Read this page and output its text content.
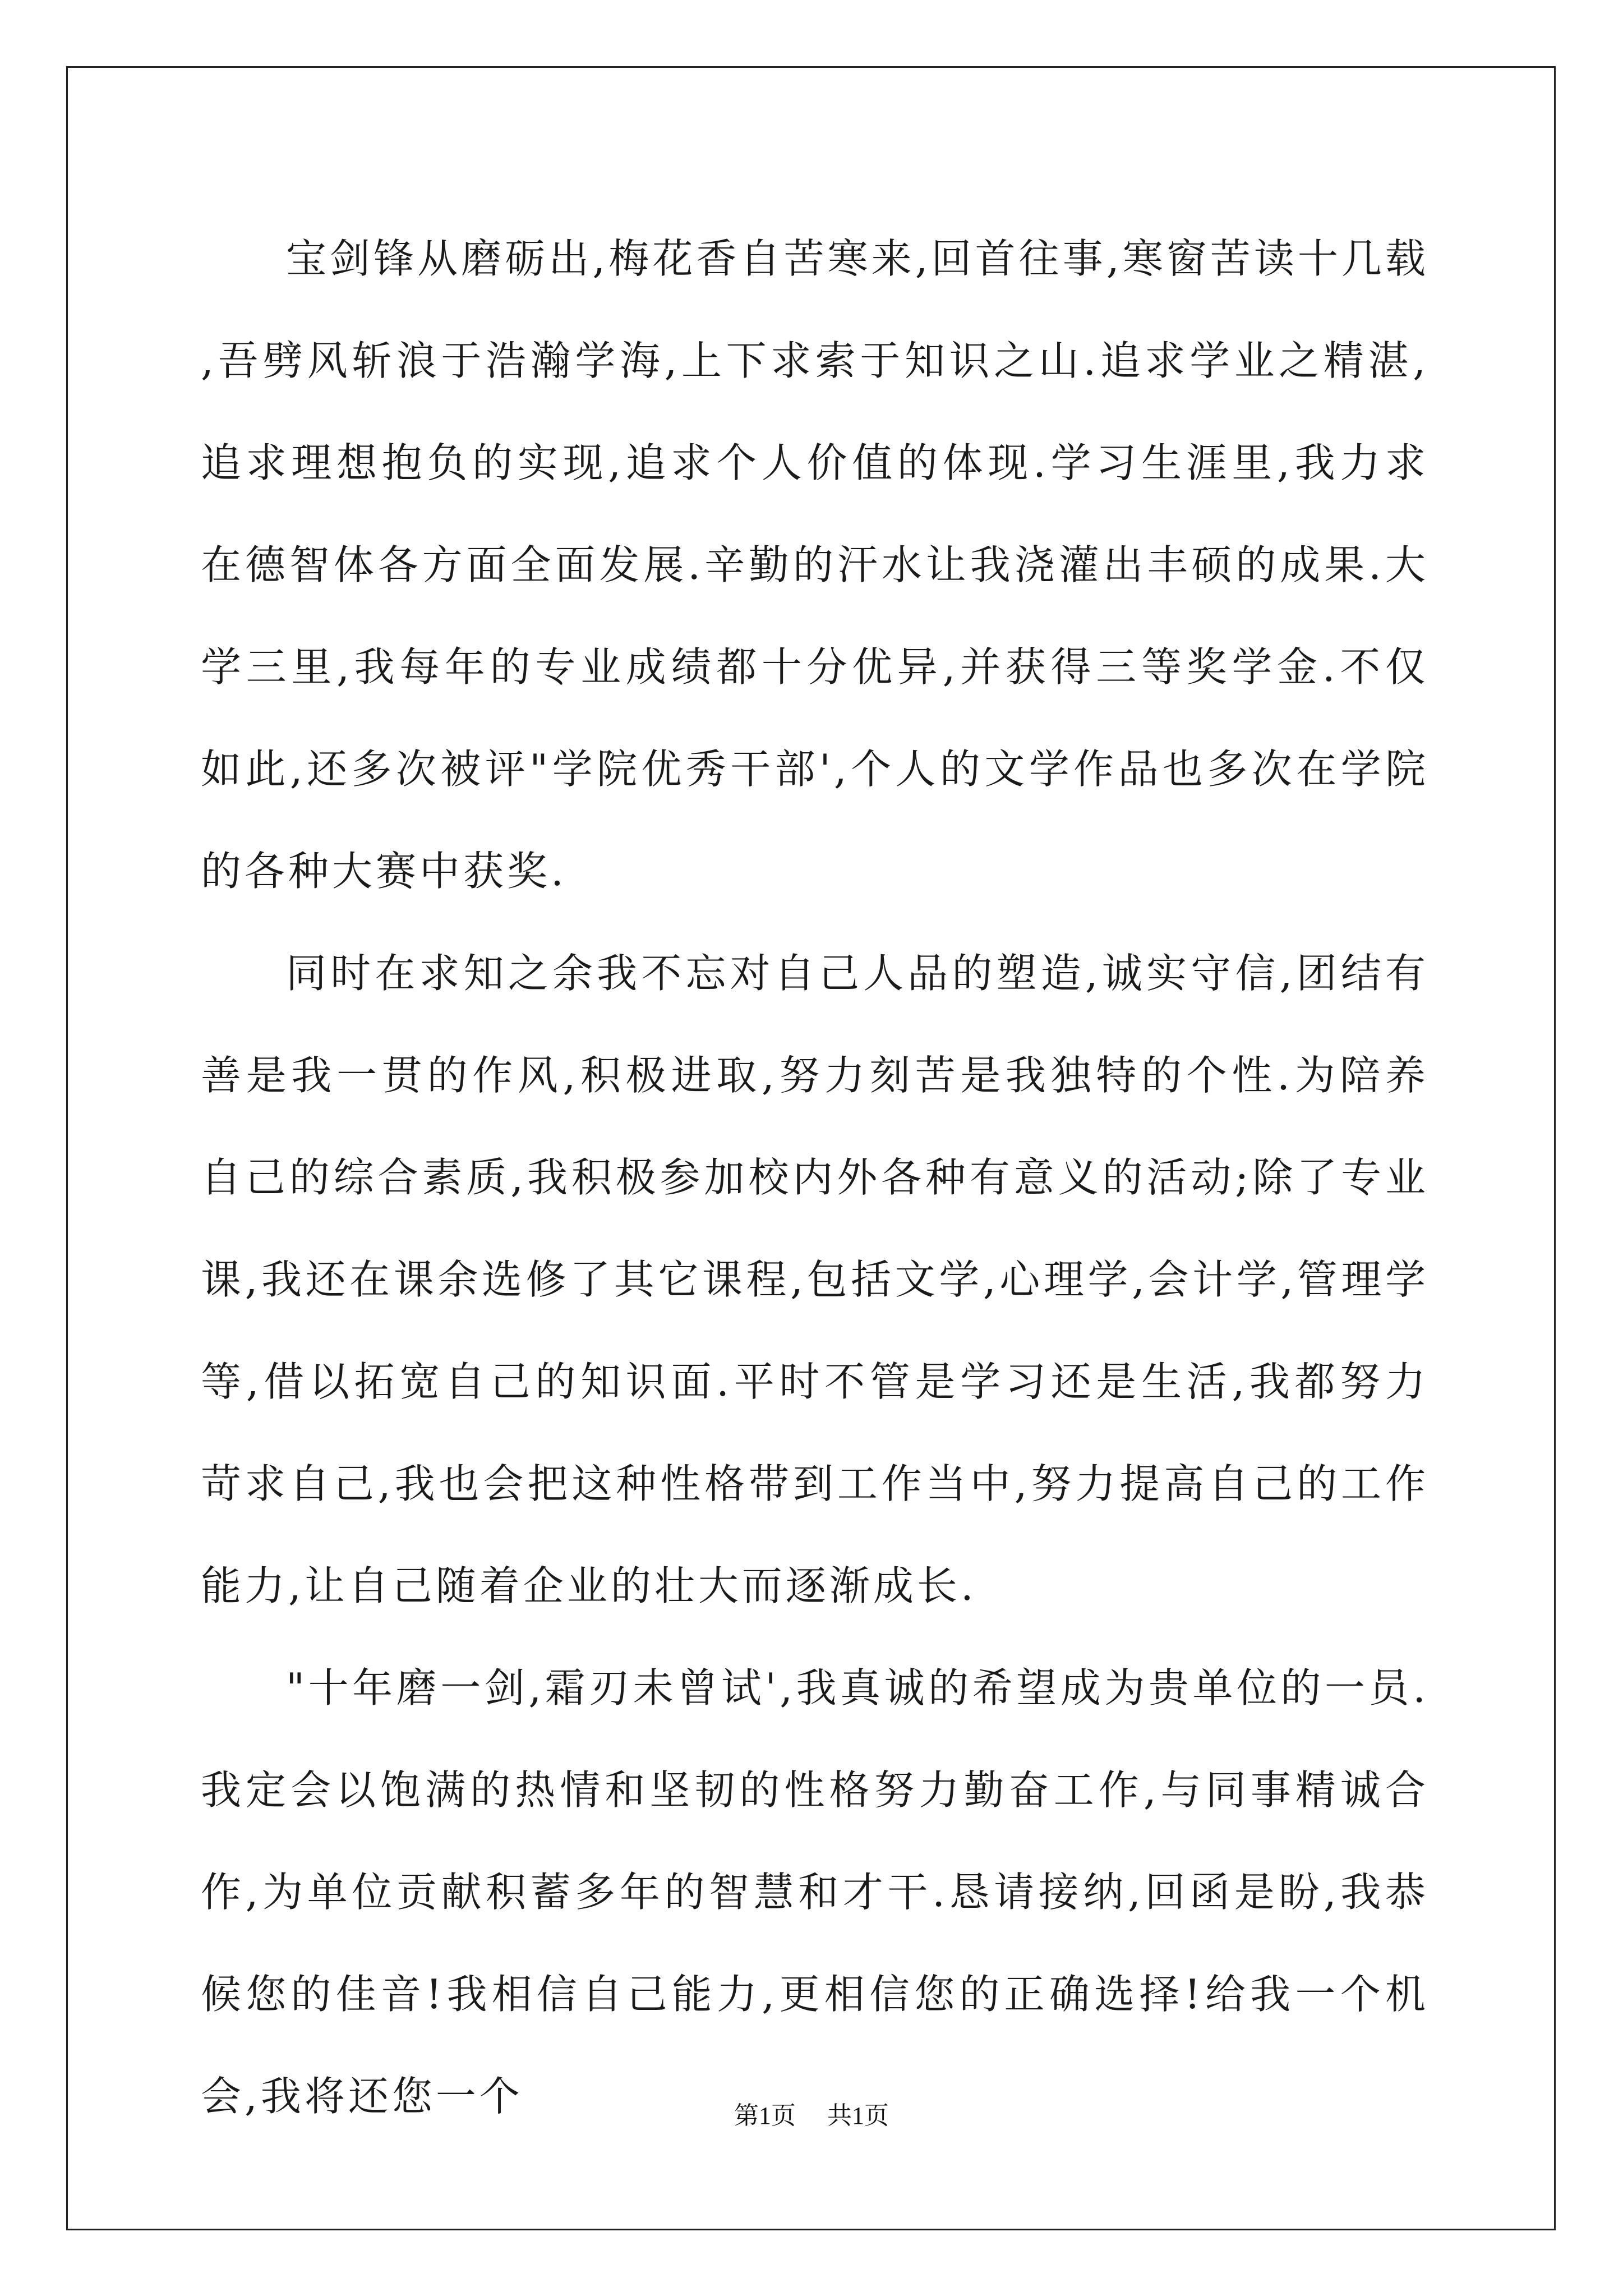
宝剑锋从磨砺出,梅花香自苦寒来,回首往事,寒窗苦读十几载,吾劈风斩浪于浩瀚学海,上下求索于知识之山.追求学业之精湛,追求理想抱负的实现,追求个人价值的体现.学习生涯里,我力求在德智体各方面全面发展.辛勤的汗水让我浇灌出丰硕的成果.大学三里,我每年的专业成绩都十分优异,并获得三等奖学金.不仅如此,还多次被评"学院优秀干部',个人的文学作品也多次在学院的各种大赛中获奖.

同时在求知之余我不忘对自己人品的塑造,诚实守信,团结有善是我一贯的作风,积极进取,努力刻苦是我独特的个性.为陪养自己的综合素质,我积极参加校内外各种有意义的活动;除了专业课,我还在课余选修了其它课程,包括文学,心理学,会计学,管理学等,借以拓宽自己的知识面.平时不管是学习还是生活,我都努力苛求自己,我也会把这种性格带到工作当中,努力提高自己的工作能力,让自己随着企业的壮大而逐渐成长.

"十年磨一剑,霜刃未曾试',我真诚的希望成为贵单位的一员.我定会以饱满的热情和坚韧的性格努力勤奋工作,与同事精诚合作,为单位贡献积蓄多年的智慧和才干.恳请接纳,回函是盼,我恭候您的佳音!我相信自己能力,更相信您的正确选择!给我一个机会,我将还您一个	第1页 共1页
